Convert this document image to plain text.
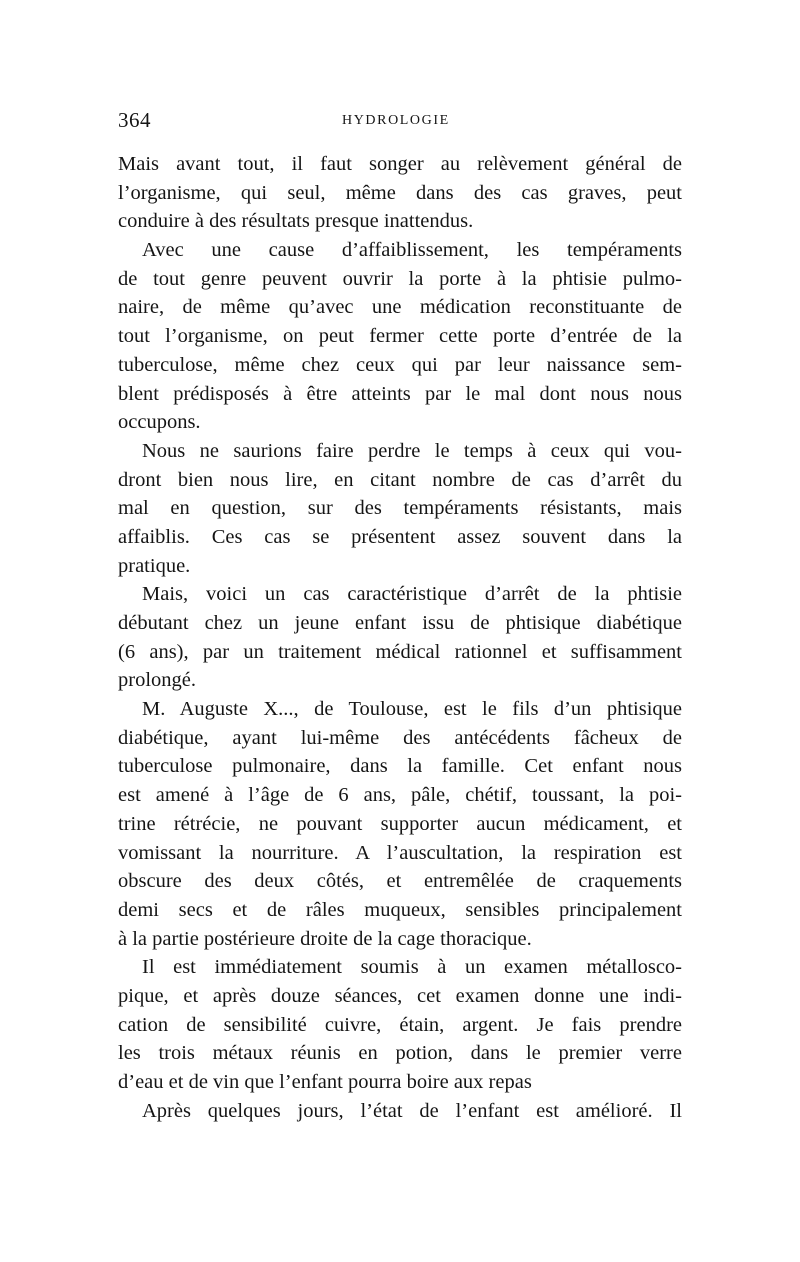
364	HYDROLOGIE
Mais avant tout, il faut songer au relèvement général de
l’organisme, qui seul, même dans des cas graves, peut
conduire à des résultats presque inattendus.
Avec une cause d’affaiblissement, les tempéraments
de tout genre peuvent ouvrir la porte à la phtisie pulmo-
naire, de même qu’avec une médication reconstituante de
tout l’organisme, on peut fermer cette porte d’entrée de la
tuberculose, même chez ceux qui par leur naissance sem-
blent prédisposés à être atteints par le mal dont nous nous
occupons.
Nous ne saurions faire perdre le temps à ceux qui vou-
dront bien nous lire, en citant nombre de cas d’arrêt du
mal en question, sur des tempéraments résistants, mais
affaiblis. Ces cas se présentent assez souvent dans la
pratique.
Mais, voici un cas caractéristique d’arrêt de la phtisie
débutant chez un jeune enfant issu de phtisique diabétique
(6 ans), par un traitement médical rationnel et suffisamment
prolongé.
M. Auguste X..., de Toulouse, est le fils d’un phtisique
diabétique, ayant lui-même des antécédents fâcheux de
tuberculose pulmonaire, dans la famille. Cet enfant nous
est amené à l’âge de 6 ans, pâle, chétif, toussant, la poi-
trine rétrécie, ne pouvant supporter aucun médicament, et
vomissant la nourriture. A l’auscultation, la respiration est
obscure des deux côtés, et entremêlée de craquements
demi secs et de râles muqueux, sensibles principalement
à la partie postérieure droite de la cage thoracique.
Il est immédiatement soumis à un examen métallosco-
pique, et après douze séances, cet examen donne une indi-
cation de sensibilité cuivre, étain, argent. Je fais prendre
les trois métaux réunis en potion, dans le premier verre
d’eau et de vin que l’enfant pourra boire aux repas
Après quelques jours, l’état de l’enfant est amélioré. Il
